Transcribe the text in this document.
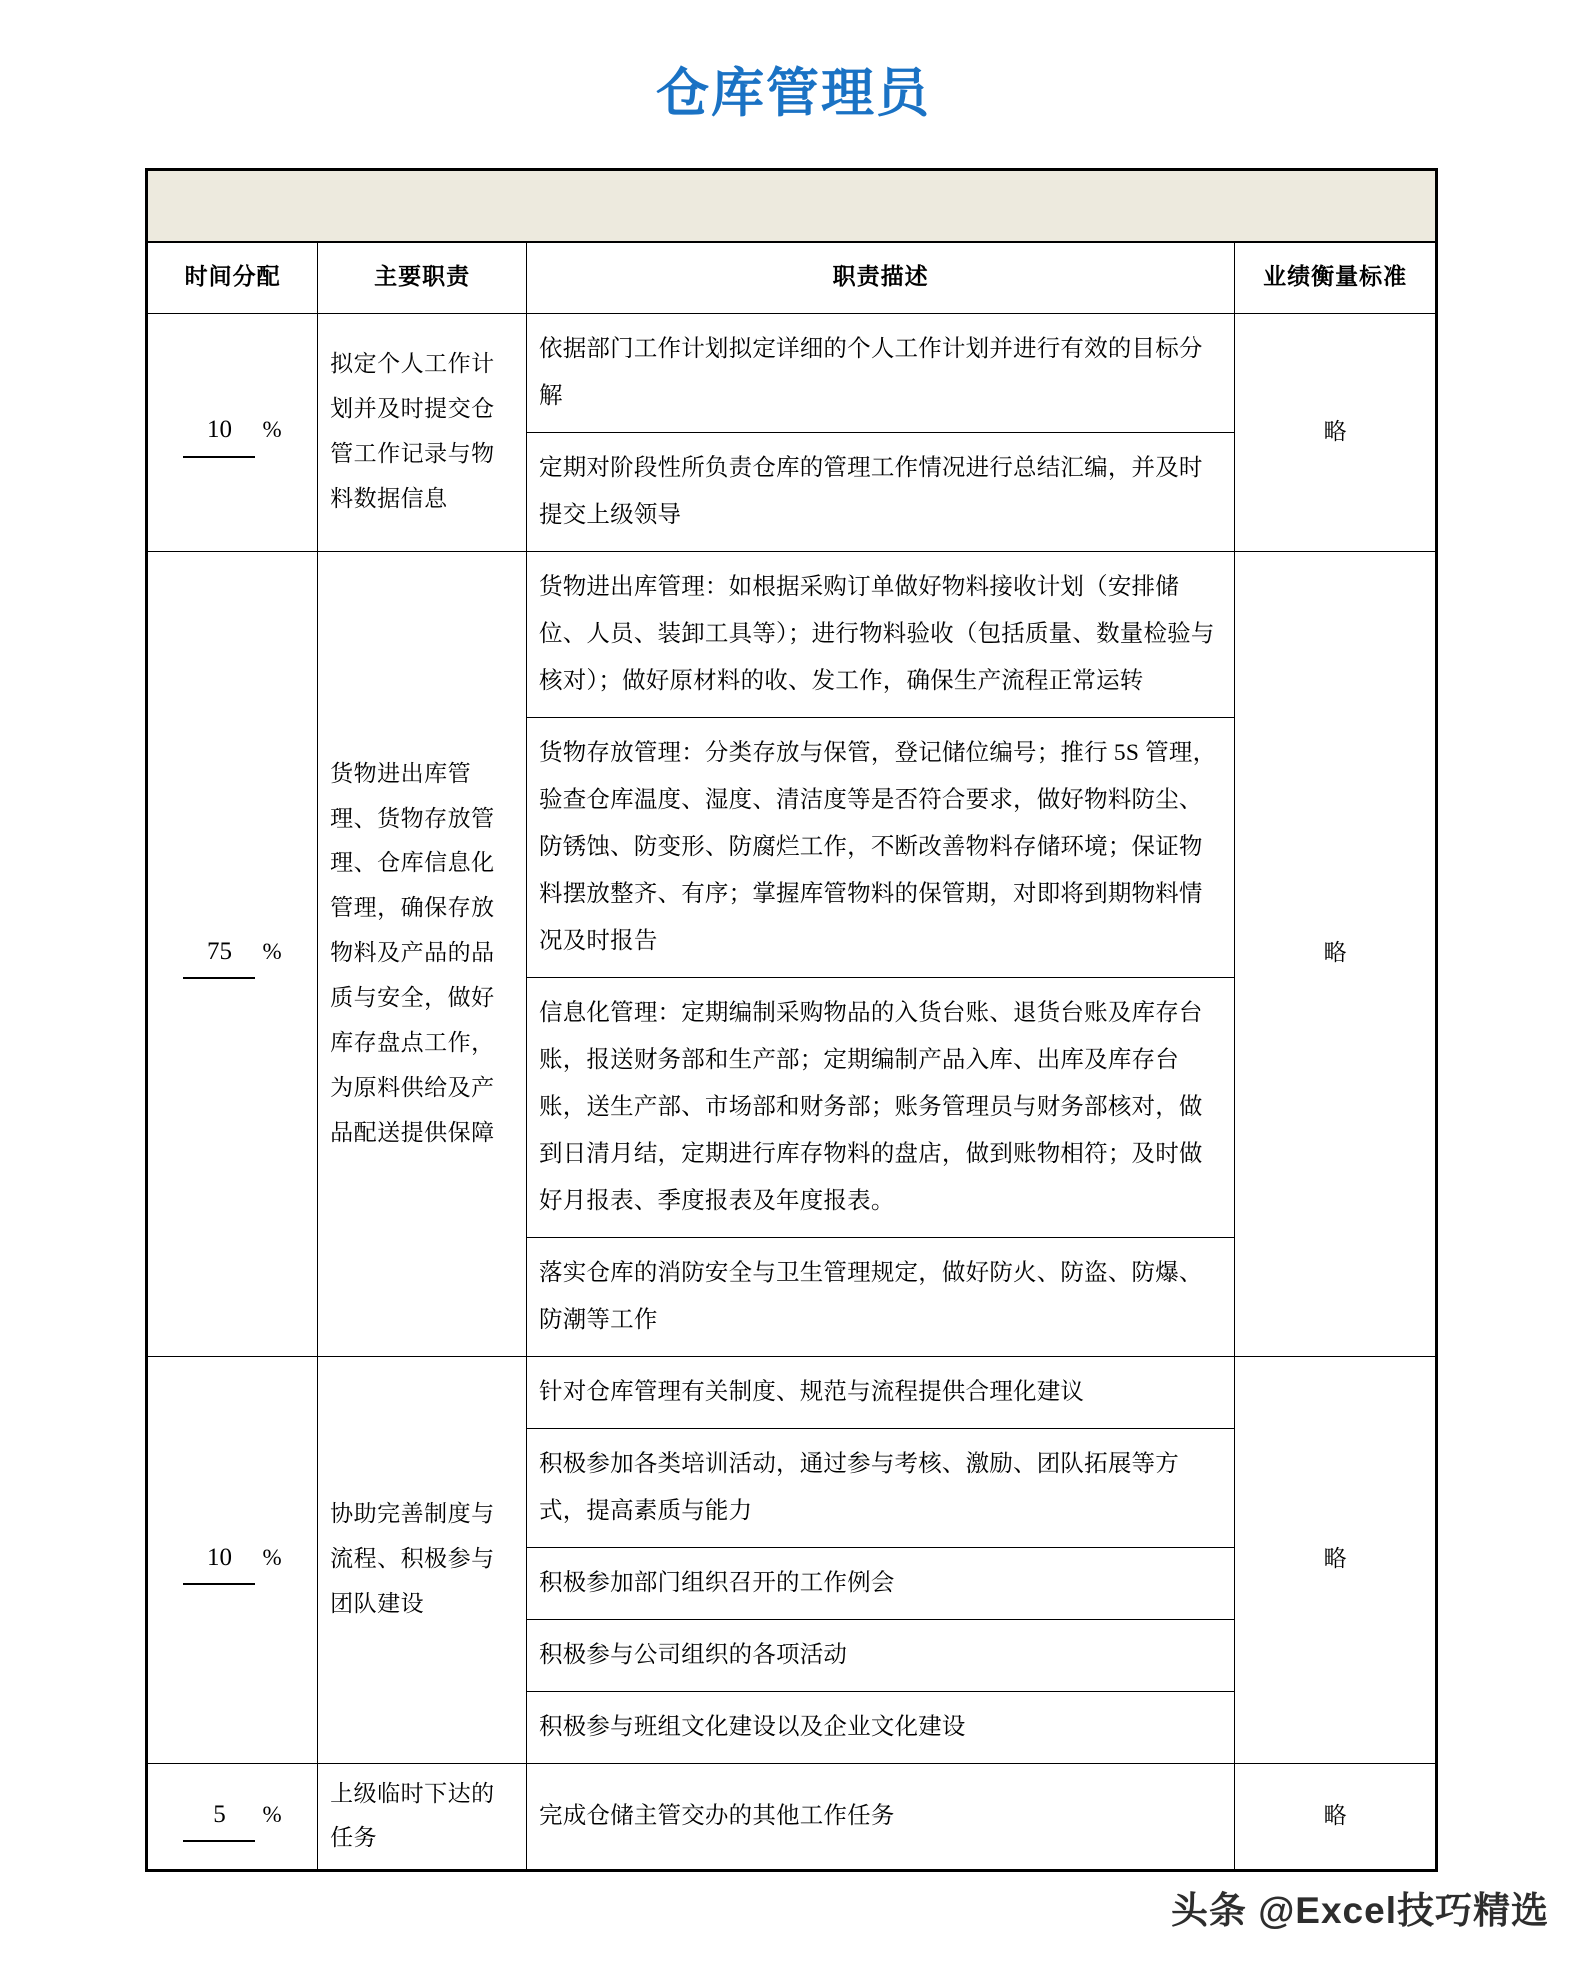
仓库管理员

时间分配	主要职责	职责描述	业绩衡量标准
10 %	拟定个人工作计划并及时提交仓管工作记录与物料数据信息	
依据部门工作计划拟定详细的个人工作计划并进行有效的目标分解
定期对阶段性所负责仓库的管理工作情况进行总结汇编，并及时提交上级领导
	略
75 %	货物进出库管理、货物存放管理、仓库信息化管理，确保存放物料及产品的品质与安全，做好库存盘点工作，为原料供给及产品配送提供保障	
货物进出库管理：如根据采购订单做好物料接收计划（安排储位、人员、装卸工具等）；进行物料验收（包括质量、数量检验与核对）；做好原材料的收、发工作，确保生产流程正常运转
货物存放管理：分类存放与保管，登记储位编号；推行 5S 管理，验查仓库温度、湿度、清洁度等是否符合要求，做好物料防尘、防锈蚀、防变形、防腐烂工作，不断改善物料存储环境；保证物料摆放整齐、有序；掌握库管物料的保管期，对即将到期物料情况及时报告
信息化管理：定期编制采购物品的入货台账、退货台账及库存台账，报送财务部和生产部；定期编制产品入库、出库及库存台账，送生产部、市场部和财务部；账务管理员与财务部核对，做到日清月结，定期进行库存物料的盘店，做到账物相符；及时做好月报表、季度报表及年度报表。
落实仓库的消防安全与卫生管理规定，做好防火、防盗、防爆、防潮等工作
	略
10 %	协助完善制度与流程、积极参与团队建设	
针对仓库管理有关制度、规范与流程提供合理化建议
积极参加各类培训活动，通过参与考核、激励、团队拓展等方式，提高素质与能力
积极参加部门组织召开的工作例会
积极参与公司组织的各项活动
积极参与班组文化建设以及企业文化建设
	略
5 %	上级临时下达的任务	
完成仓储主管交办的其他工作任务
		略
头条 @Excel技巧精选
